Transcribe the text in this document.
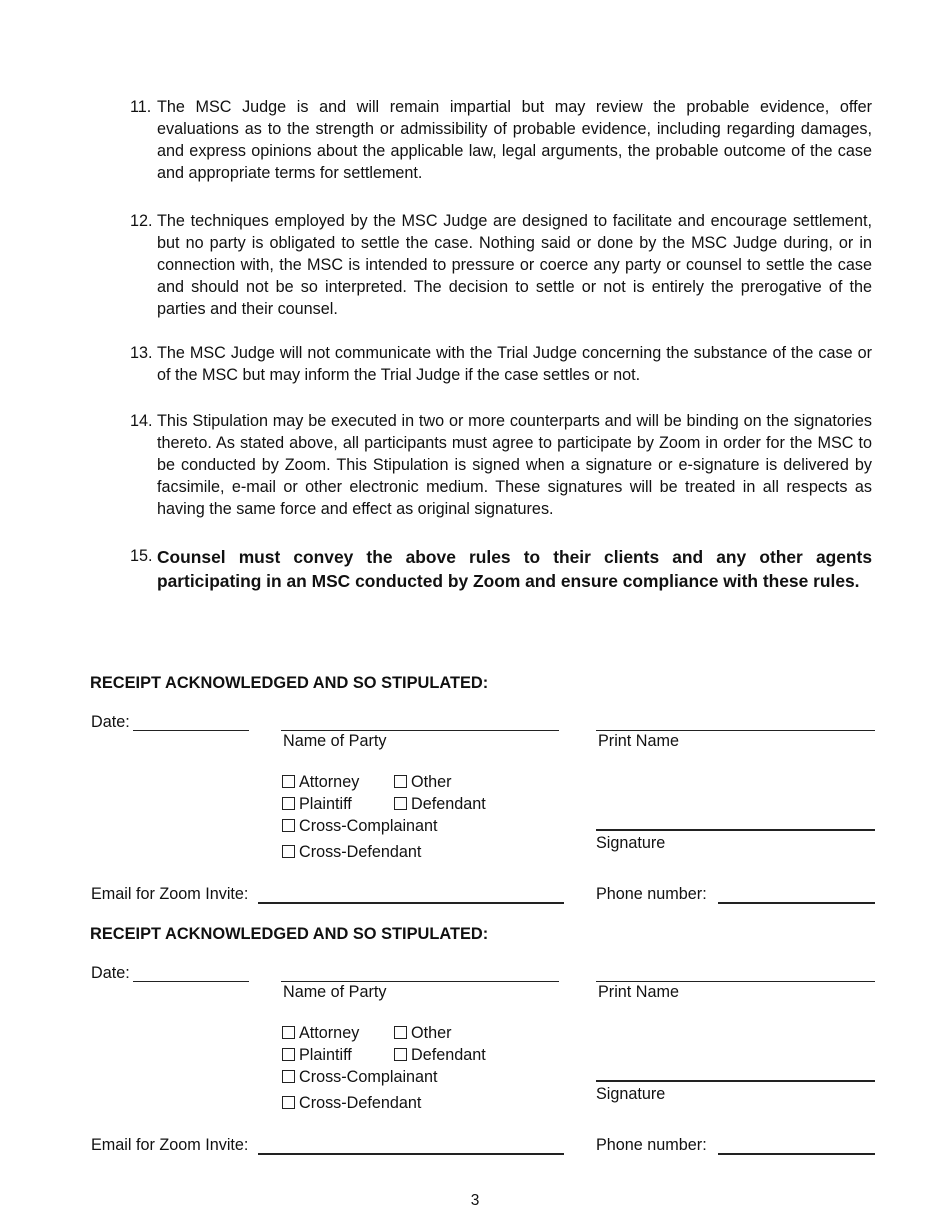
11. The MSC Judge is and will remain impartial but may review the probable evidence, offer evaluations as to the strength or admissibility of probable evidence, including regarding damages, and express opinions about the applicable law, legal arguments, the probable outcome of the case and appropriate terms for settlement.
12. The techniques employed by the MSC Judge are designed to facilitate and encourage settlement, but no party is obligated to settle the case. Nothing said or done by the MSC Judge during, or in connection with, the MSC is intended to pressure or coerce any party or counsel to settle the case and should not be so interpreted. The decision to settle or not is entirely the prerogative of the parties and their counsel.
13. The MSC Judge will not communicate with the Trial Judge concerning the substance of the case or of the MSC but may inform the Trial Judge if the case settles or not.
14. This Stipulation may be executed in two or more counterparts and will be binding on the signatories thereto. As stated above, all participants must agree to participate by Zoom in order for the MSC to be conducted by Zoom. This Stipulation is signed when a signature or e-signature is delivered by facsimile, e-mail or other electronic medium. These signatures will be treated in all respects as having the same force and effect as original signatures.
15. Counsel must convey the above rules to their clients and any other agents participating in an MSC conducted by Zoom and ensure compliance with these rules.
RECEIPT ACKNOWLEDGED AND SO STIPULATED:
Date:
Name of Party	Print Name
Attorney	Other
Plaintiff	Defendant
Cross-Complainant
Cross-Defendant	Signature
Email for Zoom Invite:	Phone number:
RECEIPT ACKNOWLEDGED AND SO STIPULATED:
Date:
Name of Party	Print Name
Attorney	Other
Plaintiff	Defendant
Cross-Complainant
Cross-Defendant	Signature
Email for Zoom Invite:	Phone number:
3
